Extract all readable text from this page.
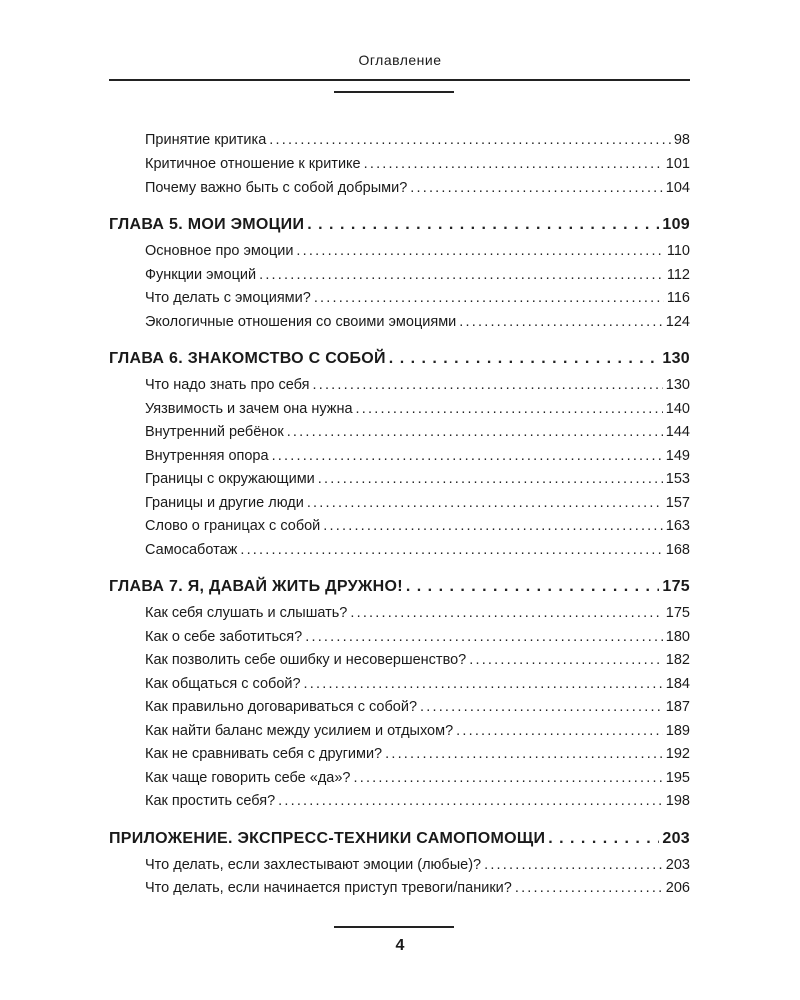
Оглавление
Принятие критика .....	98
Критичное отношение к критике .....	101
Почему важно быть с собой добрыми? .....	104
ГЛАВА 5. МОИ ЭМОЦИИ . . .	109
Основное про эмоции .....	110
Функции эмоций .....	112
Что делать с эмоциями? .....	116
Экологичные отношения со своими эмоциями .....	124
ГЛАВА 6. ЗНАКОМСТВО С СОБОЙ . . .	130
Что надо знать про себя .....	130
Уязвимость и зачем она нужна .....	140
Внутренний ребёнок .....	144
Внутренняя опора .....	149
Границы с окружающими .....	153
Границы и другие люди .....	157
Слово о границах с собой .....	163
Самосаботаж .....	168
ГЛАВА 7. Я, ДАВАЙ ЖИТЬ ДРУЖНО! . . .	175
Как себя слушать и слышать? .....	175
Как о себе заботиться? .....	180
Как позволить себе ошибку и несовершенство? .....	182
Как общаться с собой? .....	184
Как правильно договариваться с собой? .....	187
Как найти баланс между усилием и отдыхом? .....	189
Как не сравнивать себя с другими? .....	192
Как чаще говорить себе «да»? .....	195
Как простить себя? .....	198
ПРИЛОЖЕНИЕ. ЭКСПРЕСС-ТЕХНИКИ САМОПОМОЩИ . . .	203
Что делать, если захлестывают эмоции (любые)? .....	203
Что делать, если начинается приступ тревоги/паники? .....	206
4
